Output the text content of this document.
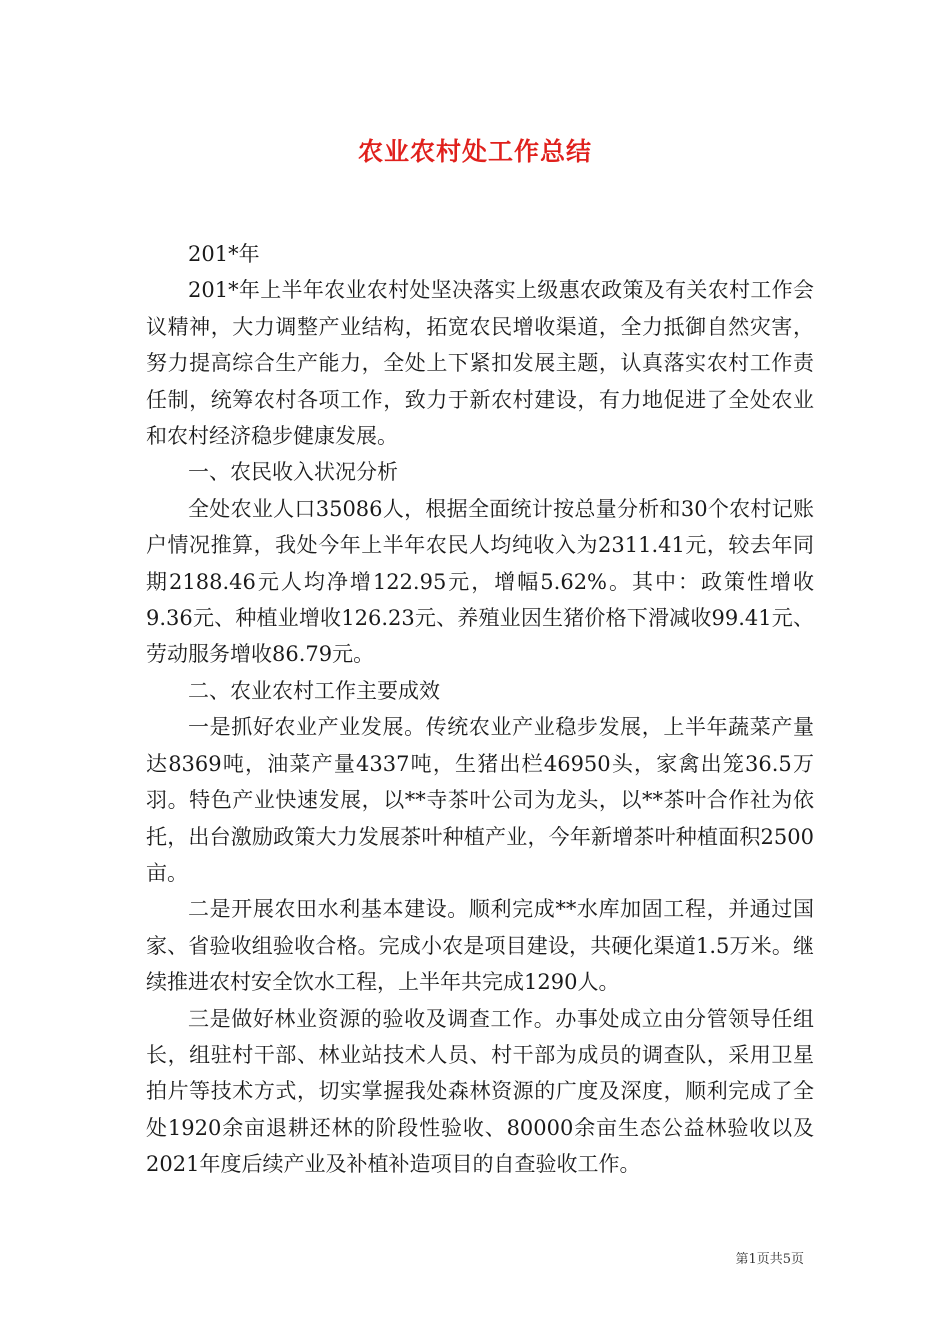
农业农村处工作总结

201*年

201*年上半年农业农村处坚决落实上级惠农政策及有关农村工作会议精神，大力调整产业结构，拓宽农民增收渠道，全力抵御自然灾害，努力提高综合生产能力，全处上下紧扣发展主题，认真落实农村工作责任制，统筹农村各项工作，致力于新农村建设，有力地促进了全处农业和农村经济稳步健康发展。

一、农民收入状况分析

全处农业人口35086人，根据全面统计按总量分析和30个农村记账户情况推算，我处今年上半年农民人均纯收入为2311.41元，较去年同期2188.46元人均净增122.95元，增幅5.62%。其中：政策性增收9.36元、种植业增收126.23元、养殖业因生猪价格下滑减收99.41元、劳动服务增收86.79元。

二、农业农村工作主要成效

一是抓好农业产业发展。传统农业产业稳步发展，上半年蔬菜产量达8369吨，油菜产量4337吨，生猪出栏46950头，家禽出笼36.5万羽。特色产业快速发展，以**寺茶叶公司为龙头，以**茶叶合作社为依托，出台激励政策大力发展茶叶种植产业，今年新增茶叶种植面积2500亩。

二是开展农田水利基本建设。顺利完成**水库加固工程，并通过国家、省验收组验收合格。完成小农是项目建设，共硬化渠道1.5万米。继续推进农村安全饮水工程，上半年共完成1290人。

三是做好林业资源的验收及调查工作。办事处成立由分管领导任组长，组驻村干部、林业站技术人员、村干部为成员的调查队，采用卫星拍片等技术方式，切实掌握我处森林资源的广度及深度，顺利完成了全处1920余亩退耕还林的阶段性验收、80000余亩生态公益林验收以及2021年度后续产业及补植补造项目的自查验收工作。

第1页共5页
